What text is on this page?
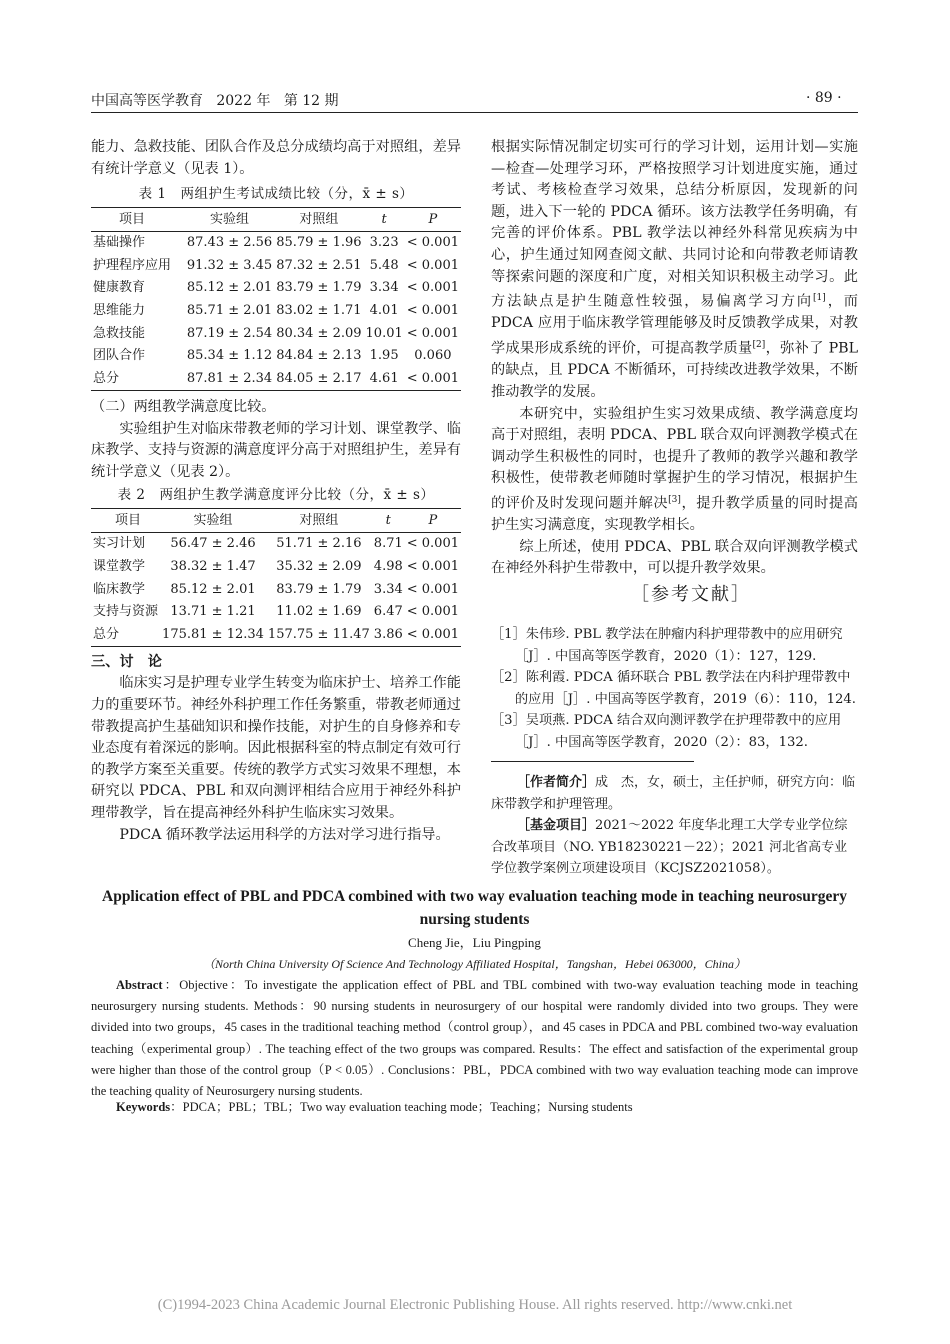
中国高等医学教育 2022 年 第 12 期	· 89 ·

能力、急救技能、团队合作及总分成绩均高于对照组，差异有统计学意义（见表 1）。

表 1　两组护生考试成绩比较（分，x̄ ± s）
项目	实验组	对照组	t	P
基础操作	87.43 ± 2.56	85.79 ± 1.96	3.23	< 0.001
护理程序应用	91.32 ± 3.45	87.32 ± 2.51	5.48	< 0.001
健康教育	85.12 ± 2.01	83.79 ± 1.79	3.34	< 0.001
思维能力	85.71 ± 2.01	83.02 ± 1.71	4.01	< 0.001
急救技能	87.19 ± 2.54	80.34 ± 2.09	10.01	< 0.001
团队合作	85.34 ± 1.12	84.84 ± 2.13	1.95	0.060
总分	87.81 ± 2.34	84.05 ± 2.17	4.61	< 0.001

（二）两组教学满意度比较。

实验组护生对临床带教老师的学习计划、课堂教学、临床教学、支持与资源的满意度评分高于对照组护生，差异有统计学意义（见表 2）。

表 2　两组护生教学满意度评分比较（分，x̄ ± s）
项目	实验组	对照组	t	P
实习计划	56.47 ± 2.46	51.71 ± 2.16	8.71	< 0.001
课堂教学	38.32 ± 1.47	35.32 ± 2.09	4.98	< 0.001
临床教学	85.12 ± 2.01	83.79 ± 1.79	3.34	< 0.001
支持与资源	13.71 ± 1.21	11.02 ± 1.69	6.47	< 0.001
总分	175.81 ± 12.34	157.75 ± 11.47	3.86	< 0.001

三、讨　论

临床实习是护理专业学生转变为临床护士、培养工作能力的重要环节。神经外科护理工作任务繁重，带教老师通过带教提高护生基础知识和操作技能，对护生的自身修养和专业态度有着深远的影响。因此根据科室的特点制定有效可行的教学方案至关重要。传统的教学方式实习效果不理想，本研究以 PDCA、PBL 和双向测评相结合应用于神经外科护理带教学，旨在提高神经外科护生临床实习效果。

PDCA 循环教学法运用科学的方法对学习进行指导。

根据实际情况制定切实可行的学习计划，运用计划—实施—检查—处理学习环，严格按照学习计划进度实施，通过考试、考核检查学习效果，总结分析原因，发现新的问题，进入下一轮的 PDCA 循环。该方法教学任务明确，有完善的评价体系。PBL 教学法以神经外科常见疾病为中心，护生通过知网查阅文献、共同讨论和向带教老师请教等探索问题的深度和广度，对相关知识积极主动学习。此方法缺点是护生随意性较强，易偏离学习方向[1]，而 PDCA 应用于临床教学管理能够及时反馈教学成果，对教学成果形成系统的评价，可提高教学质量[2]，弥补了 PBL 的缺点，且 PDCA 不断循环，可持续改进教学效果，不断推动教学的发展。

本研究中，实验组护生实习效果成绩、教学满意度均高于对照组，表明 PDCA、PBL 联合双向评测教学模式在调动学生积极性的同时，也提升了教师的教学兴趣和教学积极性，使带教老师随时掌握护生的学习情况，根据护生的评价及时发现问题并解决[3]，提升教学质量的同时提高护生实习满意度，实现教学相长。

综上所述，使用 PDCA、PBL 联合双向评测教学模式在神经外科护生带教中，可以提升教学效果。

［参考文献］

［1］朱伟珍. PBL 教学法在肿瘤内科护理带教中的应用研究［J］. 中国高等医学教育，2020（1）：127，129.

［2］陈利霞. PDCA 循环联合 PBL 教学法在内科护理带教中的应用［J］. 中国高等医学教育，2019（6）：110，124.

［3］吴项燕. PDCA 结合双向测评教学在护理带教中的应用［J］. 中国高等医学教育，2020（2）：83，132.

［作者简介］成　杰，女，硕士，主任护师，研究方向：临床带教学和护理管理。

［基金项目］2021～2022 年度华北理工大学专业学位综合改革项目（NO. YB18230221－22）；2021 河北省高专业学位教学案例立项建设项目（KCJSZ2021058）。

Application effect of PBL and PDCA combined with two way evaluation teaching mode in teaching neurosurgery nursing students
Cheng Jie，Liu Pingping
（North China University Of Science And Technology Affiliated Hospital，Tangshan，Hebei 063000，China）
Abstract：Objective：To investigate the application effect of PBL and TBL combined with two-way evaluation teaching mode in teaching neurosurgery nursing students. Methods：90 nursing students in neurosurgery of our hospital were randomly divided into two groups. They were divided into two groups，45 cases in the traditional teaching method（control group），and 45 cases in PDCA and PBL combined two-way evaluation teaching（experimental group）. The teaching effect of the two groups was compared. Results：The effect and satisfaction of the experimental group were higher than those of the control group（P < 0.05）. Conclusions：PBL，PDCA combined with two way evaluation teaching mode can improve the teaching quality of Neurosurgery nursing students.
Keywords：PDCA；PBL；TBL；Two way evaluation teaching mode；Teaching；Nursing students
(C)1994-2023 China Academic Journal Electronic Publishing House. All rights reserved. http://www.cnki.net
